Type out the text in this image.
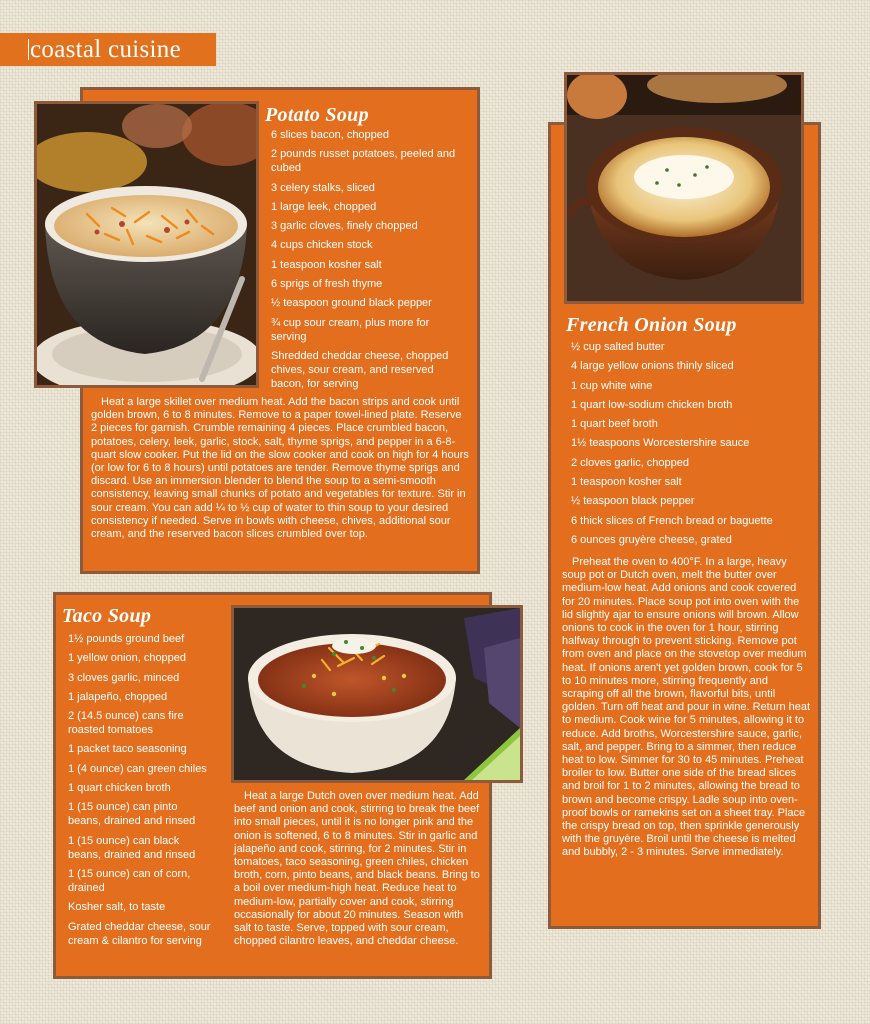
coastal cuisine
Potato Soup
6 slices bacon, chopped
2 pounds russet potatoes, peeled and cubed
3 celery stalks, sliced
1 large leek, chopped
3 garlic cloves, finely chopped
4 cups chicken stock
1 teaspoon kosher salt
6 sprigs of fresh thyme
½ teaspoon ground black pepper
¾ cup sour cream, plus more for serving
Shredded cheddar cheese, chopped chives, sour cream, and reserved bacon, for serving

Heat a large skillet over medium heat. Add the bacon strips and cook until golden brown, 6 to 8 minutes. Remove to a paper towel-lined plate. Reserve 2 pieces for garnish. Crumble remaining 4 pieces. Place crumbled bacon, potatoes, celery, leek, garlic, stock, salt, thyme sprigs, and pepper in a 6-8-quart slow cooker. Put the lid on the slow cooker and cook on high for 4 hours (or low for 6 to 8 hours) until potatoes are tender. Remove thyme sprigs and discard. Use an immersion blender to blend the soup to a semi-smooth consistency, leaving small chunks of potato and vegetables for texture. Stir in sour cream. You can add ¼ to ½ cup of water to thin soup to your desired consistency if needed. Serve in bowls with cheese, chives, additional sour cream, and the reserved bacon slices crumbled over top.

French Onion Soup
½ cup salted butter
4 large yellow onions thinly sliced
1 cup white wine
1 quart low-sodium chicken broth
1 quart beef broth
1½ teaspoons Worcestershire sauce
2 cloves garlic, chopped
1 teaspoon kosher salt
½ teaspoon black pepper
6 thick slices of French bread or baguette
6 ounces gruyère cheese, grated

Preheat the oven to 400°F. In a large, heavy soup pot or Dutch oven, melt the butter over medium-low heat. Add onions and cook covered for 20 minutes. Place soup pot into oven with the lid slightly ajar to ensure onions will brown. Allow onions to cook in the oven for 1 hour, stirring halfway through to prevent sticking. Remove pot from oven and place on the stovetop over medium heat. If onions aren't yet golden brown, cook for 5 to 10 minutes more, stirring frequently and scraping off all the brown, flavorful bits, until golden. Turn off heat and pour in wine. Return heat to medium. Cook wine for 5 minutes, allowing it to reduce. Add broths, Worcestershire sauce, garlic, salt, and pepper. Bring to a simmer, then reduce heat to low. Simmer for 30 to 45 minutes. Preheat broiler to low. Butter one side of the bread slices and broil for 1 to 2 minutes, allowing the bread to brown and become crispy. Ladle soup into oven-proof bowls or ramekins set on a sheet tray. Place the crispy bread on top, then sprinkle generously with the gruyère. Broil until the cheese is melted and bubbly, 2 - 3 minutes. Serve immediately.

Taco Soup
1½ pounds ground beef
1 yellow onion, chopped
3 cloves garlic, minced
1 jalapeño, chopped
2 (14.5 ounce) cans fire roasted tomatoes
1 packet taco seasoning
1 (4 ounce) can green chiles
1 quart chicken broth
1 (15 ounce) can pinto beans, drained and rinsed
1 (15 ounce) can black beans, drained and rinsed
1 (15 ounce) can of corn, drained
Kosher salt, to taste
Grated cheddar cheese, sour cream & cilantro for serving

Heat a large Dutch oven over medium heat. Add beef and onion and cook, stirring to break the beef into small pieces, until it is no longer pink and the onion is softened, 6 to 8 minutes. Stir in garlic and jalapeño and cook, stirring, for 2 minutes. Stir in tomatoes, taco seasoning, green chiles, chicken broth, corn, pinto beans, and black beans. Bring to a boil over medium-high heat. Reduce heat to medium-low, partially cover and cook, stirring occasionally for about 20 minutes. Season with salt to taste. Serve, topped with sour cream, chopped cilantro leaves, and cheddar cheese.
